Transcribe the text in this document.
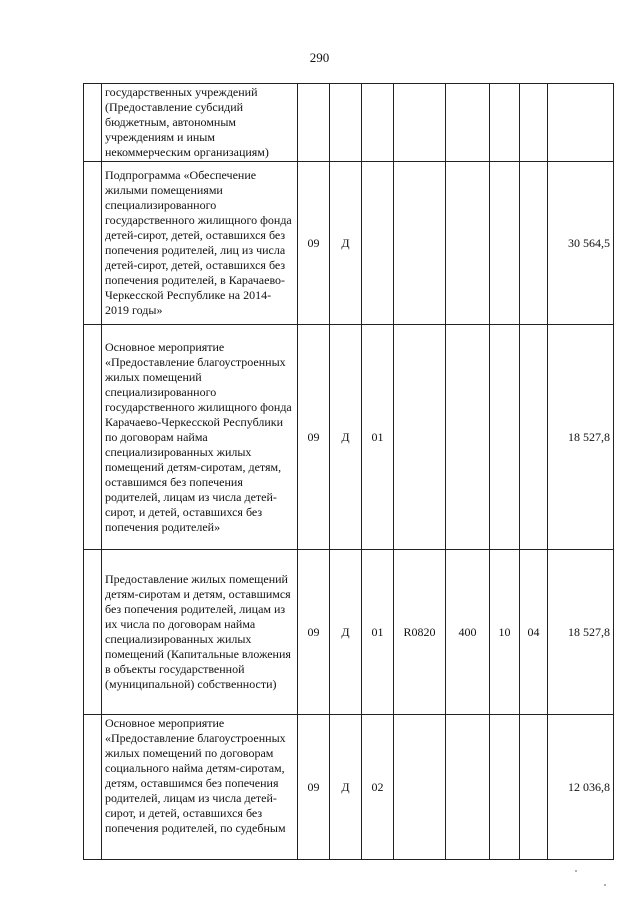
290
	государственных учреждений (Предоставление субсидий бюджетным, автономным учреждениям и иным некоммерческим организациям)								
	Подпрограмма «Обеспечение жилыми помещениями специализированного государственного жилищного фонда детей-сирот, детей, оставшихся без попечения родителей, лиц из числа детей-сирот, детей, оставшихся без попечения родителей, в Карачаево-Черкесской Республике на 2014-2019 годы»	09	Д						30 564,5
	Основное мероприятие «Предоставление благоустроенных жилых помещений специализированного государственного жилищного фонда Карачаево-Черкесской Республики по договорам найма специализированных жилых помещений детям-сиротам, детям, оставшимся без попечения родителей, лицам из числа детей-сирот, и детей, оставшихся без попечения родителей»	09	Д	01					18 527,8
	Предоставление жилых помещений детям-сиротам и детям, оставшимся без попечения родителей, лицам из их числа по договорам найма специализированных жилых помещений (Капитальные вложения в объекты государственной (муниципальной) собственности)	09	Д	01	R0820	400	10	04	18 527,8
	Основное мероприятие «Предоставление благоустроенных жилых помещений по договорам социального найма детям-сиротам, детям, оставшимся без попечения родителей, лицам из числа детей-сирот, и детей, оставшихся без попечения родителей, по судебным	09	Д	02					12 036,8
